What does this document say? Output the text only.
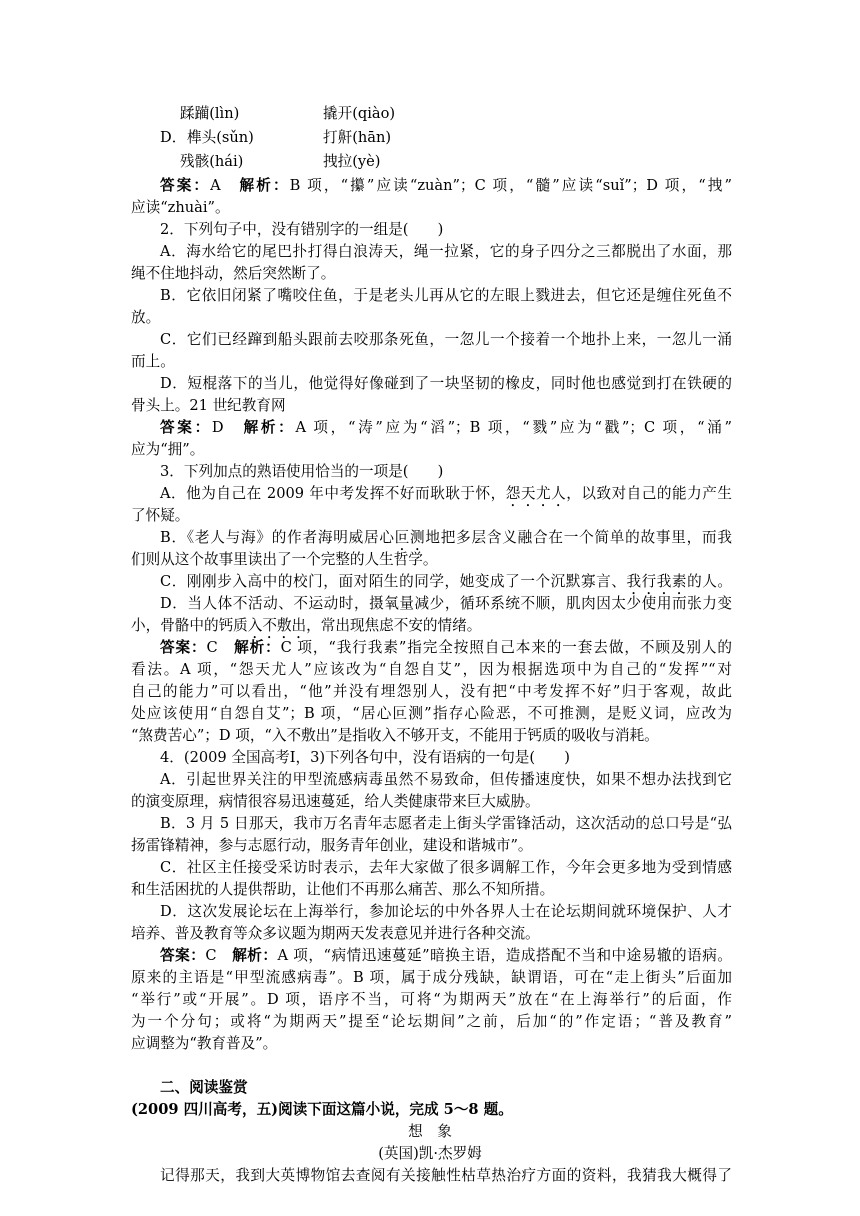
蹂躏(lìn)	撬开(qiào)
D． 榫头(sǔn)	打鼾(hān)
残骸(hái)	拽拉(yè)
答案：A　 解析：B 项，“攥”应读“zuàn”；C 项，“髓”应读“suǐ”；D 项，“拽”
应读“zhuài”。
2．下列句子中，没有错别字的一组是(　　)
A．海水给它的尾巴扑打得白浪涛天，绳一拉紧，它的身子四分之三都脱出了水面，那
绳不住地抖动，然后突然断了。
B．它依旧闭紧了嘴咬住鱼，于是老头儿再从它的左眼上戮进去，但它还是缠住死鱼不
放。
C．它们已经蹿到船头跟前去咬那条死鱼，一忽儿一个接着一个地扑上来，一忽儿一涌
而上。
D．短棍落下的当儿，他觉得好像碰到了一块坚韧的橡皮，同时他也感觉到打在铁硬的
骨头上。21 世纪教育网
答案：D　 解析：A 项，“涛”应为“滔”；B 项，“戮”应为“戳”；C 项，“涌”
应为“拥”。
3．下列加点的熟语使用恰当的一项是(　　)
A．他为自己在 2009 年中考发挥不好而耿耿于怀，怨天尤人，以致对自己的能力产生
了怀疑。
B．《老人与海》的作者海明威居心叵测地把多层含义融合在一个简单的故事里，而我
们则从这个故事里读出了一个完整的人生哲学。
C．刚刚步入高中的校门，面对陌生的同学，她变成了一个沉默寡言、我行我素的人。
D．当人体不活动、不运动时，摄氧量减少，循环系统不顺，肌肉因太少使用而张力变
小，骨骼中的钙质入不敷出，常出现焦虑不安的情绪。
答案：C　 解析：C 项，“我行我素”指完全按照自己本来的一套去做，不顾及别人的
看法。A 项，“怨天尤人”应该改为“自怨自艾”，因为根据选项中为自己的“发挥”“对
自己的能力”可以看出，“他”并没有埋怨别人，没有把“中考发挥不好”归于客观，故此
处应该使用“自怨自艾”；B 项，“居心叵测”指存心险恶，不可推测，是贬义词，应改为
“煞费苦心”；D 项，“入不敷出”是指收入不够开支，不能用于钙质的吸收与消耗。
4．(2009 全国高考Ⅰ，3)下列各句中，没有语病的一句是(　　)
A．引起世界关注的甲型流感病毒虽然不易致命，但传播速度快，如果不想办法找到它
的演变原理，病情很容易迅速蔓延，给人类健康带来巨大威胁。
B．3 月 5 日那天，我市万名青年志愿者走上街头学雷锋活动，这次活动的总口号是“弘
扬雷锋精神，参与志愿行动，服务青年创业，建设和谐城市”。
C．社区主任接受采访时表示，去年大家做了很多调解工作，今年会更多地为受到情感
和生活困扰的人提供帮助，让他们不再那么痛苦、那么不知所措。
D．这次发展论坛在上海举行，参加论坛的中外各界人士在论坛期间就环境保护、人才
培养、普及教育等众多议题为期两天发表意见并进行各种交流。
答案：C　 解析：A 项，“病情迅速蔓延”暗换主语，造成搭配不当和中途易辙的语病。
原来的主语是“甲型流感病毒”。B 项，属于成分残缺，缺谓语，可在“走上街头”后面加
“举行”或“开展”。D 项，语序不当，可将“为期两天”放在“在上海举行”的后面，作
为一个分句；或将“为期两天”提至“论坛期间”之前，后加“的”作定语；“普及教育”
应调整为“教育普及”。
二、阅读鉴赏
(2009 四川高考，五)阅读下面这篇小说，完成 5～8 题。
想　象
(英国)凯·杰罗姆
记得那天，我到大英博物馆去查阅有关接触性枯草热治疗方面的资料，我猜我大概得了
